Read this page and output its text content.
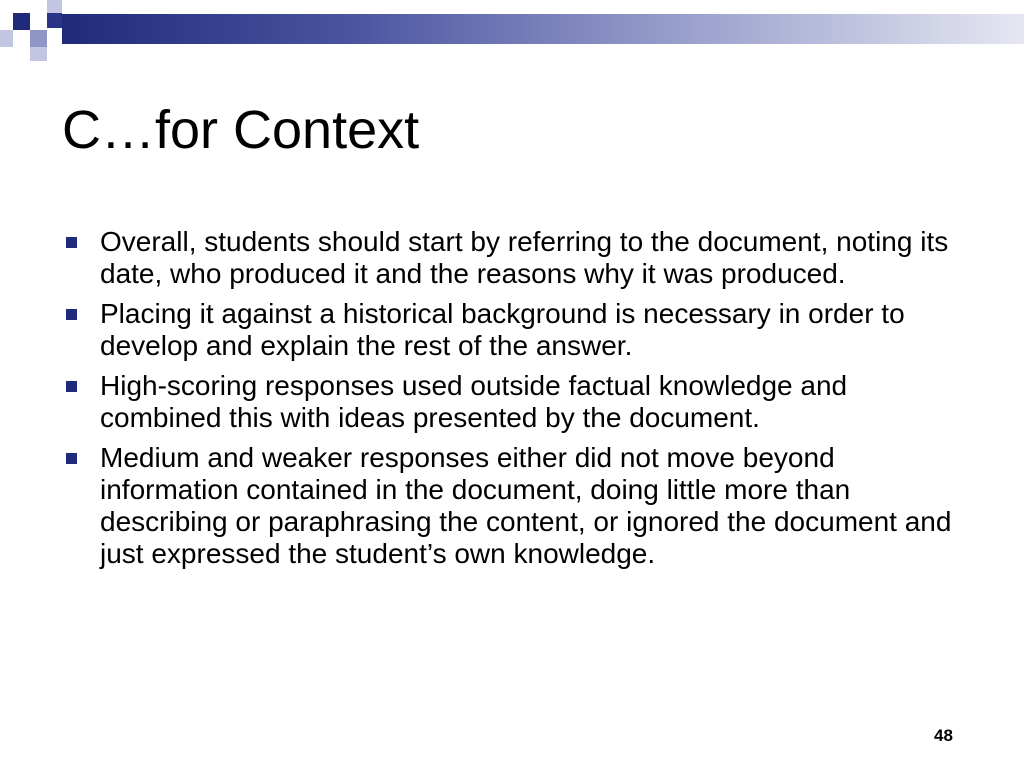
C…for Context
Overall, students should start by referring to the document, noting its date, who produced it and the reasons why it was produced.
Placing it against a historical background is necessary in order to develop and explain the rest of the answer.
High-scoring responses used outside factual knowledge and combined this with ideas presented by the document.
Medium and weaker responses either did not move beyond information contained in the document, doing little more than describing or paraphrasing the content, or ignored the document and just expressed the student’s own knowledge.
48
